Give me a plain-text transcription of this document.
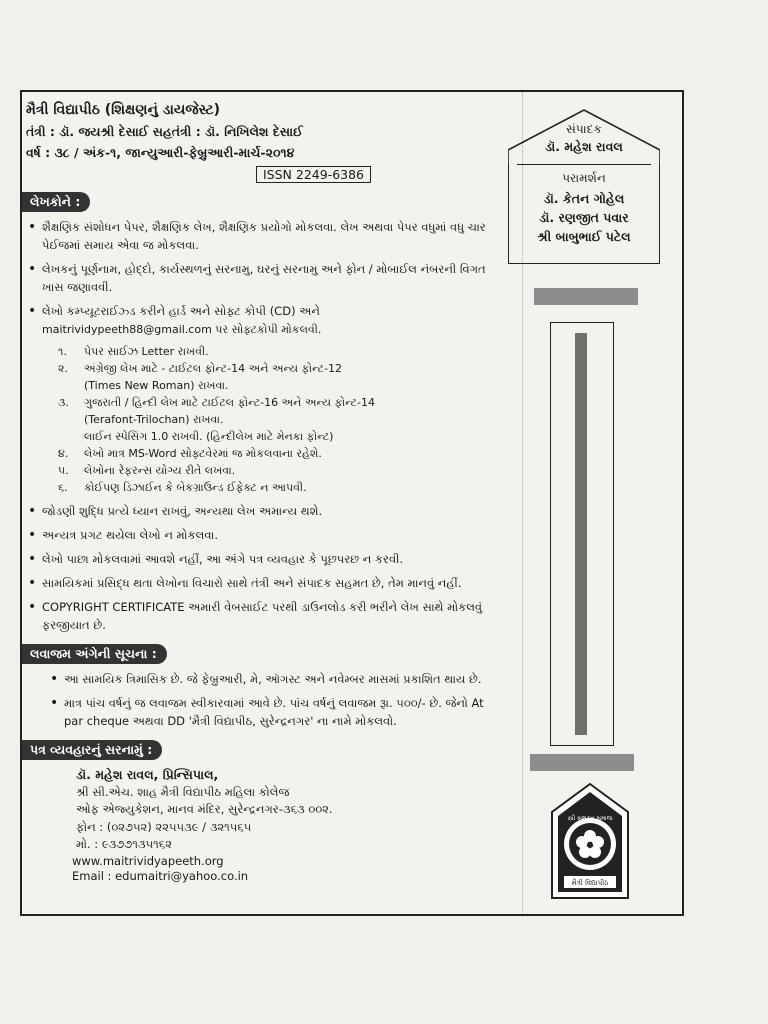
મૈત્રી વિદ્યાપીઠ (શિક્ષણનું ડાયજેસ્ટ)
તંત્રી : ડૉ. જયશ્રી દેસાઈ સહતંત્રી : ડૉ. નિખિલેશ દેસાઈ
વર્ષ : ૩૮ / અંક-૧, જાન્યુઆરી-ફેબ્રુઆરી-માર્ચ-૨૦૧૪
ISSN 2249-6386
લેખકોને :
• શૈક્ષણિક સંશોધન પેપર, શૈક્ષણિક લેખ, શૈક્ષણિક પ્રયોગો મોકલવા. લેખ અથવા પેપર વધુમાં વધુ ચાર પેઈજમાં સમાય એવા જ મોકલવા.
• લેખકનું પૂર્ણનામ, હોદ્દો, કાર્યસ્થળનું સરનામુ, ઘરનું સરનામુ અને ફોન / મોબાઈલ નંબરની વિગત ખાસ જણાવવી.
• લેખો કમ્પ્યૂટરાઈઝ્ડ કરીને હાર્ડ અને સોફ્ટ કોપી (CD) અને
maitrividypeeth88@gmail.com પર સોફ્ટકોપી મોકલવી.
૧. પેપર સાઈઝ Letter રાખવી.
૨. અંગ્રેજી લેખ માટે - ટાઈટલ ફોન્ટ-14 અને અન્ય ફોન્ટ-12
(Times New Roman) રાખવા.
૩. ગુજરાતી / હિન્દી લેખ માટે ટાઈટલ ફોન્ટ-16 અને અન્ય ફોન્ટ-14
(Terafont-Trilochan) રાખવા.
લાઈન સ્પેસિંગ 1.0 રાખવી. (હિન્દીલેખ માટે મેનકા ફોન્ટ)
૪. લેખો માત્ર MS-Word સોફ્ટવેરમાં જ મોકલવાના રહેશે.
૫. લેખોના રેફરન્સ યોગ્ય રીતે લખવા.
૬. કોઈપણ ડિઝાઈન કે બેકગ્રાઉન્ડ ઈફેક્ટ ન આપવી.
• જોડણી શુદ્ધિ પ્રત્યે ધ્યાન રાખવું, અન્યથા લેખ અમાન્ય થશે.
• અન્યત્ર પ્રગટ થયેલા લેખો ન મોકલવા.
• લેખો પાછા મોકલવામાં આવશે નહીં, આ અંગે પત્ર વ્યવહાર કે પૂછપરછ ન કરવી.
• સામયિકમાં પ્રસિદ્ધ થતા લેખોના વિચારો સાથે તંત્રી અને સંપાદક સહમત છે, તેમ માનવું નહીં.
• COPYRIGHT CERTIFICATE અમારી વેબસાઈટ પરથી ડાઉનલોડ કરી ભરીને લેખ સાથે મોકલવું ફરજીયાત છે.
લવાજમ અંગેની સૂચના :
• આ સામયિક ત્રિમાસિક છે. જે ફેબ્રુઆરી, મે, ઑગસ્ટ અને નવેમ્બર માસમાં પ્રકાશિત થાય છે.
• માત્ર પાંચ વર્ષનું જ લવાજમ સ્વીકારવામાં આવે છે. પાંચ વર્ષનું લવાજમ રૂા. ૫૦૦/- છે. જેનો At par cheque અથવા DD 'મૈત્રી વિદ્યાપીઠ, સુરેન્દ્રનગર' ના નામે મોકલવો.
પત્ર વ્યવહારનું સરનામું :
ડૉ. મહેશ રાવલ, પ્રિન્સિપાલ,
શ્રી સી.એચ. શાહ મૈત્રી વિદ્યાપીઠ મહિલા કોલેજ
ઓફ એજ્યુકેશન, માનવ મંદિર, સુરેન્દ્રનગર-૩૬૩ ૦૦૨.
ફોન : (૦૨૭૫૨) ૨૨૫૫૩૯ / ૩૨૧૫૬૫
મો. : ૯૩૭૭૧૩૫૧૬૨
www.maitrividyapeeth.org
Email : edumaitri@yahoo.co.in
સંપાદક
ડૉ. મહેશ રાવલ
પરામર્શન
ડૉ. કેતન ગોહેલ
ડૉ. રણજીત પવાર
શ્રી બાબુભાઈ પટેલ
સ્ત્રી સશક્ત સમાજ
મૈત્રી વિદ્યાપીઠ
